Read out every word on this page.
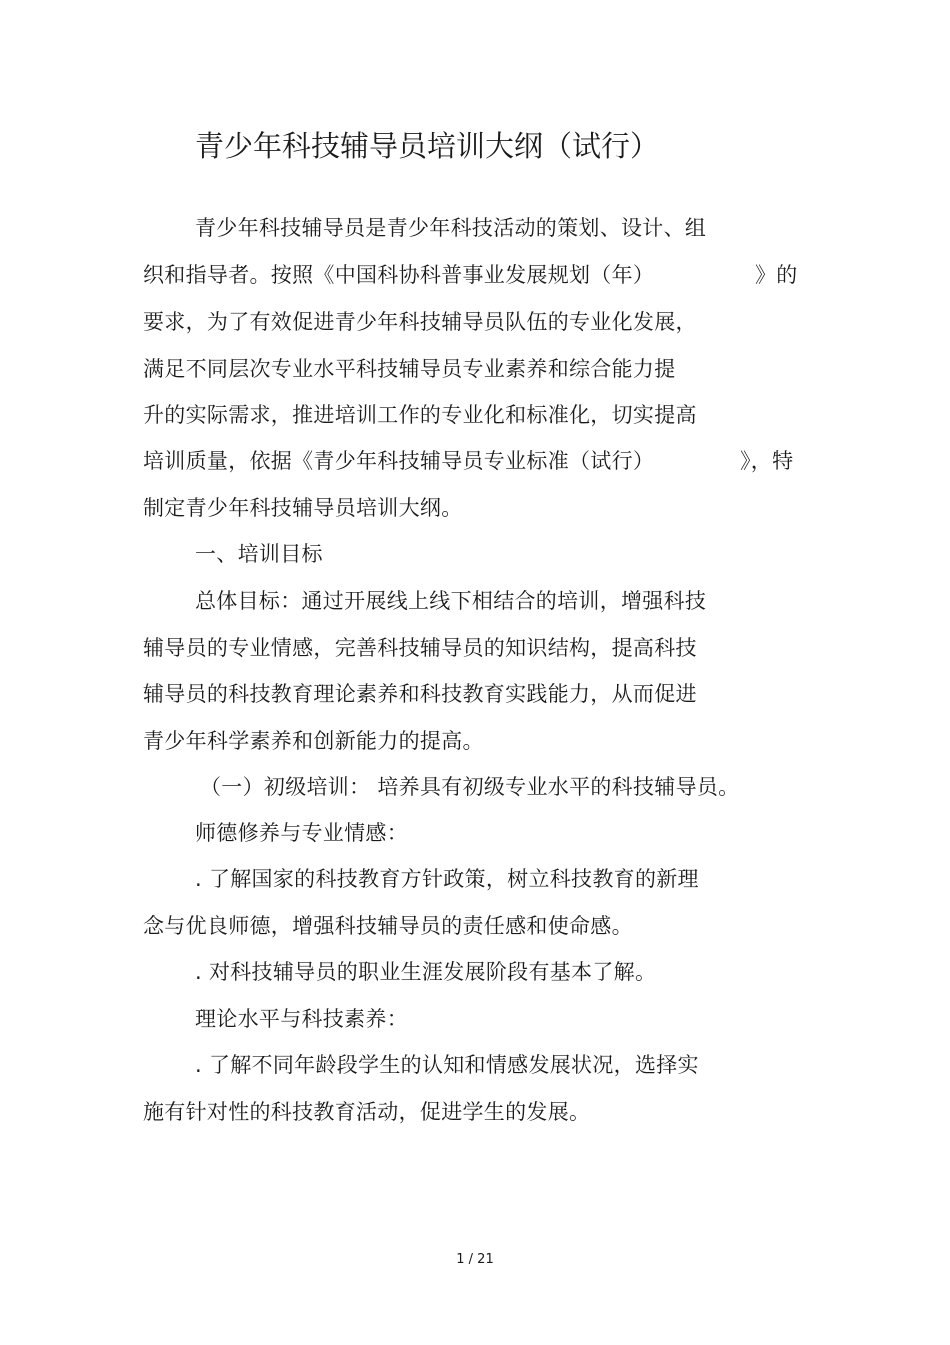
青少年科技辅导员培训大纲（试行）
青少年科技辅导员是青少年科技活动的策划、设计、组
织和指导者。按照《中国科协科普事业发展规划（年）	》的
要求，为了有效促进青少年科技辅导员队伍的专业化发展，
满足不同层次专业水平科技辅导员专业素养和综合能力提
升的实际需求，推进培训工作的专业化和标准化，切实提高
培训质量，依据《青少年科技辅导员专业标准（试行）	》，特
制定青少年科技辅导员培训大纲。
一、培训目标
总体目标：通过开展线上线下相结合的培训，增强科技
辅导员的专业情感，完善科技辅导员的知识结构，提高科技
辅导员的科技教育理论素养和科技教育实践能力，从而促进
青少年科学素养和创新能力的提高。
（一）初级培训： 培养具有初级专业水平的科技辅导员。
师德修养与专业情感：
. 了解国家的科技教育方针政策，树立科技教育的新理
念与优良师德，增强科技辅导员的责任感和使命感。
. 对科技辅导员的职业生涯发展阶段有基本了解。
理论水平与科技素养：
. 了解不同年龄段学生的认知和情感发展状况，选择实
施有针对性的科技教育活动，促进学生的发展。
1 / 21
